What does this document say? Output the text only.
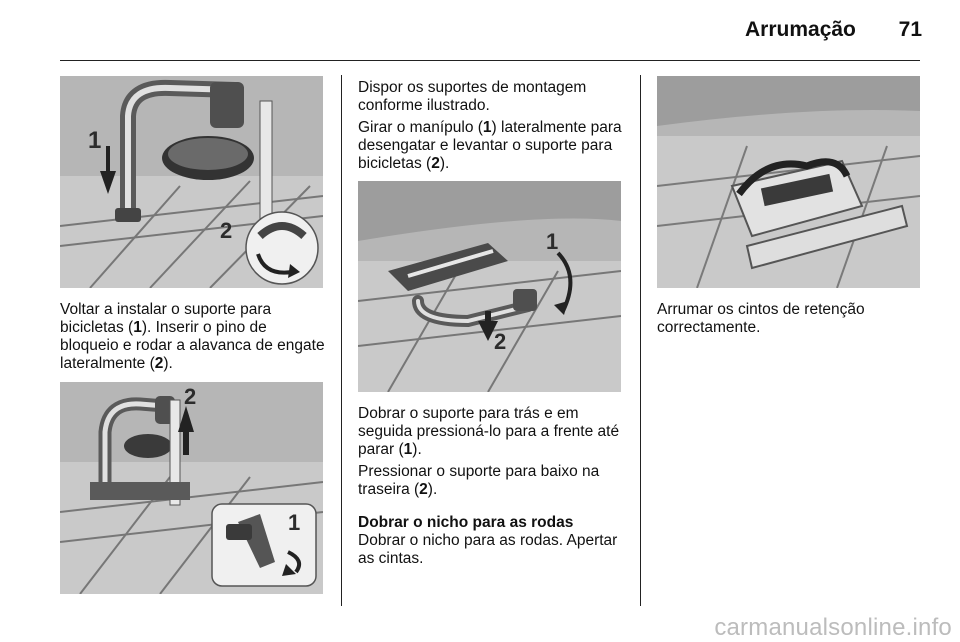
Arrumação	71
1
2

Voltar a instalar o suporte para bicicletas (1). Inserir o pino de bloqueio e rodar a alavanca de engate lateralmente (2).

2
1

Dispor os suportes de montagem conforme ilustrado.

Girar o manípulo (1) lateralmente para desengatar e levantar o suporte para bicicletas (2).

1
2

Dobrar o suporte para trás e em seguida pressioná-lo para a frente até parar (1).

Pressionar o suporte para baixo na traseira (2).

Dobrar o nicho para as rodas

Dobrar o nicho para as rodas. Apertar as cintas.

Arrumar os cintos de retenção correctamente.

carmanualsonline.info
